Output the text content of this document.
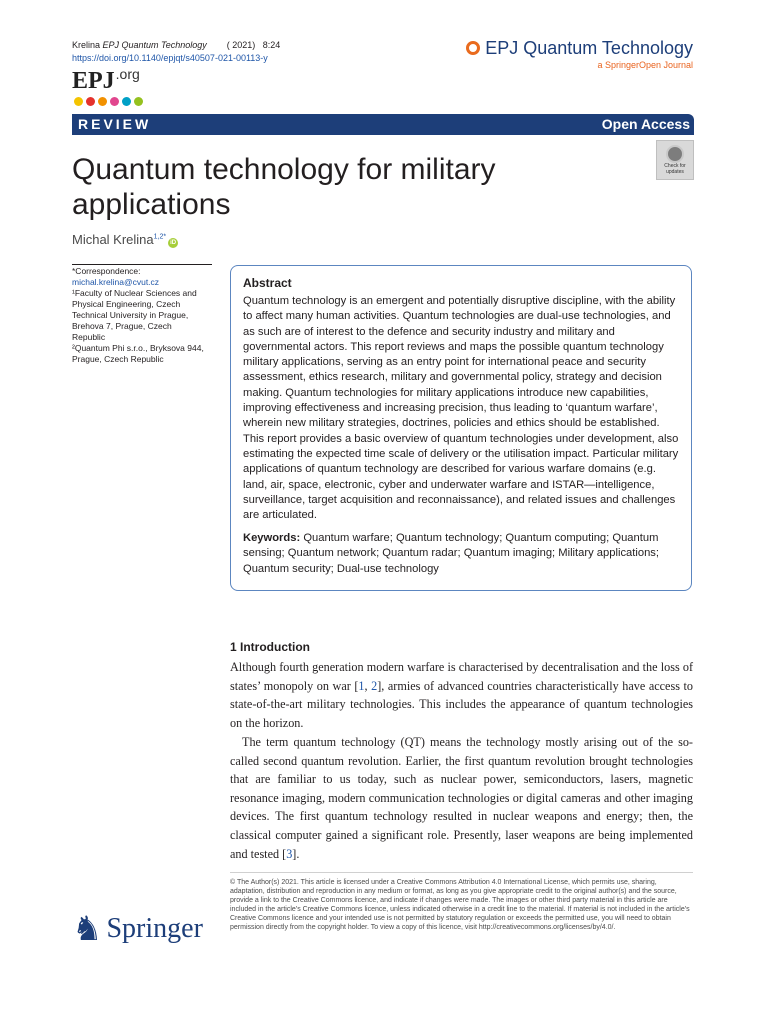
Krelina EPJ Quantum Technology        ( 2021)   8:24
https://doi.org/10.1140/epjqt/s40507-021-00113-y
$EPJ^{.org}$
EPJ Quantum Technology
a SpringerOpen Journal
REVIEW	Open Access
Check for
updates
Quantum technology for military applications
Michal Krelina$^{1,2*}$iD
*Correspondence:
michal.krelina@cvut.cz
¹Faculty of Nuclear Sciences and Physical Engineering, Czech Technical University in Prague, Brehova 7, Prague, Czech Republic
²Quantum Phi s.r.o., Bryksova 944, Prague, Czech Republic
Abstract
Quantum technology is an emergent and potentially disruptive discipline, with the ability to affect many human activities. Quantum technologies are dual-use technologies, and as such are of interest to the defence and security industry and military and governmental actors. This report reviews and maps the possible quantum technology military applications, serving as an entry point for international peace and security assessment, ethics research, military and governmental policy, strategy and decision making. Quantum technologies for military applications introduce new capabilities, improving effectiveness and increasing precision, thus leading to ‘quantum warfare’, wherein new military strategies, doctrines, policies and ethics should be established. This report provides a basic overview of quantum technologies under development, also estimating the expected time scale of delivery or the utilisation impact. Particular military applications of quantum technology are described for various warfare domains (e.g. land, air, space, electronic, cyber and underwater warfare and ISTAR—intelligence, surveillance, target acquisition and reconnaissance), and related issues and challenges are articulated.
Keywords: Quantum warfare; Quantum technology; Quantum computing; Quantum sensing; Quantum network; Quantum radar; Quantum imaging; Military applications; Quantum security; Dual-use technology
1 Introduction
Although fourth generation modern warfare is characterised by decentralisation and the loss of states’ monopoly on war [1, 2], armies of advanced countries characteristically have access to state-of-the-art military technologies. This includes the appearance of quantum technologies on the horizon.
The term quantum technology (QT) means the technology mostly arising out of the so-called second quantum revolution. Earlier, the first quantum revolution brought technologies that are familiar to us today, such as nuclear power, semiconductors, lasers, magnetic resonance imaging, modern communication technologies or digital cameras and other imaging devices. The first quantum technology resulted in nuclear weapons and energy; then, the classical computer gained a significant role. Presently, laser weapons are being implemented and tested [3].
© The Author(s) 2021. This article is licensed under a Creative Commons Attribution 4.0 International License, which permits use, sharing, adaptation, distribution and reproduction in any medium or format, as long as you give appropriate credit to the original author(s) and the source, provide a link to the Creative Commons licence, and indicate if changes were made. The images or other third party material in this article are included in the article’s Creative Commons licence, unless indicated otherwise in a credit line to the material. If material is not included in the article’s Creative Commons licence and your intended use is not permitted by statutory regulation or exceeds the permitted use, you will need to obtain permission directly from the copyright holder. To view a copy of this licence, visit http://creativecommons.org/licenses/by/4.0/.
♞ Springer
